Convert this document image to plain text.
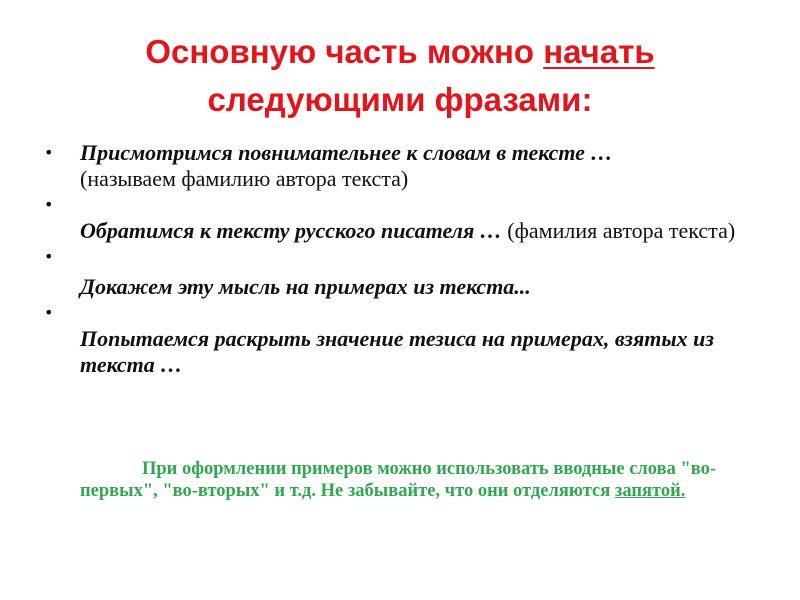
Основную часть можно начать
следующими фразами:
• Присмотримся повнимательнее к словам в тексте …
(называем фамилию автора текста)
•
Обратимся к тексту русского писателя … (фамилия автора текста)
•
Докажем эту мысль на примерах из текста...
•
Попытаемся раскрыть значение тезиса на примерах, взятых из текста …
При оформлении примеров можно использовать вводные слова "во-первых", "во-вторых" и т.д. Не забывайте, что они отделяются запятой.
